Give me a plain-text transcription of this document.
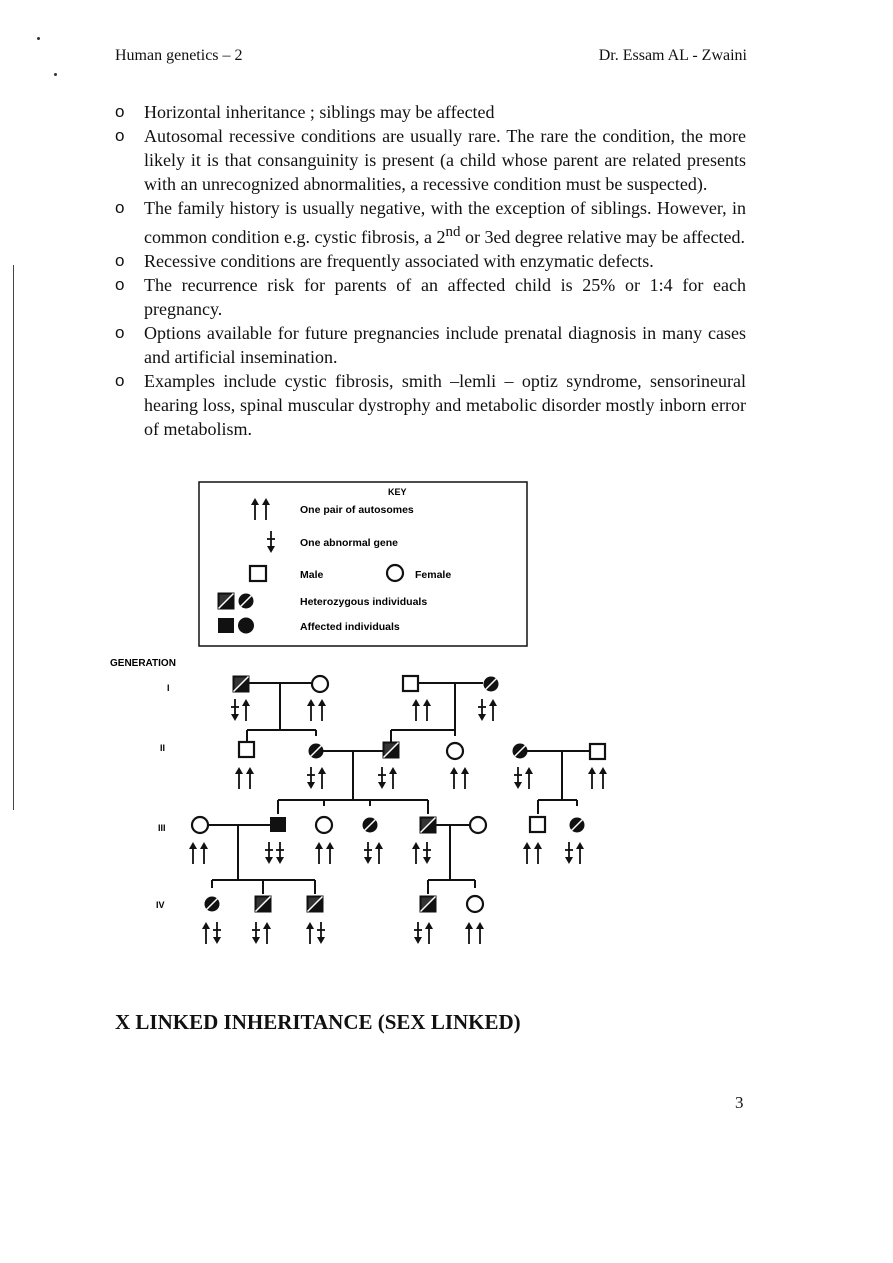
Human genetics – 2	Dr. Essam AL - Zwaini
o Horizontal inheritance ; siblings may be affected
o Autosomal recessive conditions are usually rare. The rare the condition, the more likely it is that consanguinity is present (a child whose parent are related presents with an unrecognized abnormalities, a recessive condition must be suspected).
o The family history is usually negative, with the exception of siblings. However, in common condition e.g. cystic fibrosis, a 2nd or 3ed degree relative may be affected.
o Recessive conditions are frequently associated with enzymatic defects.
o The recurrence risk for parents of an affected child is 25% or 1:4 for each pregnancy.
o Options available for future pregnancies include prenatal diagnosis in many cases and artificial insemination.
o Examples include cystic fibrosis, smith –lemli – optiz syndrome, sensorineural hearing loss, spinal muscular dystrophy and metabolic disorder mostly inborn error of metabolism.
KEY
One pair of autosomes
One abnormal gene
Male	Female
Heterozygous individuals
Affected individuals
GENERATION
I
II
III
IV
X LINKED INHERITANCE (SEX LINKED)
3
